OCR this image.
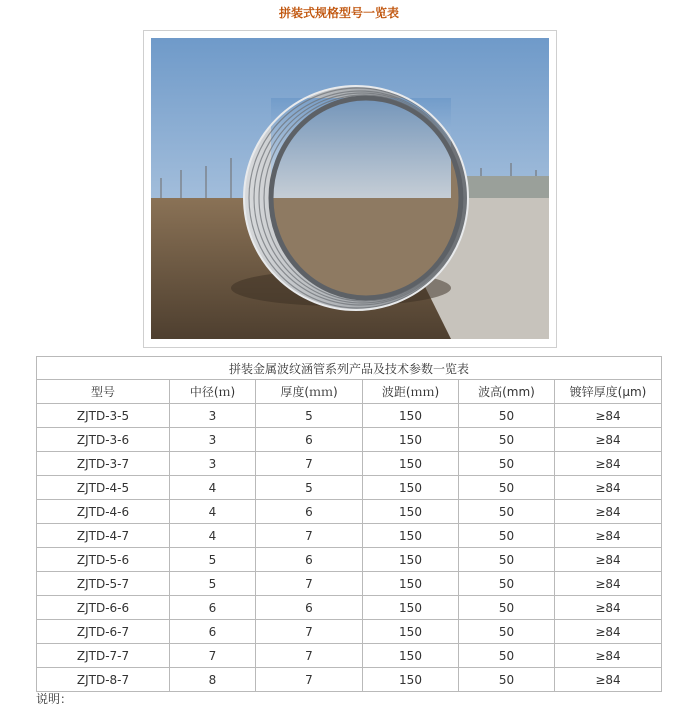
拼装式规格型号一览表
拼装金属波纹涵管系列产品及技术参数一览表					
型号	中径(ｍ)	厚度(ｍｍ)	波距(ｍｍ)	波高(mm)	镀锌厚度(μm)
ZJTD-3-5	3	5	150	50	≥84
ZJTD-3-6	3	6	150	50	≥84
ZJTD-3-7	3	7	150	50	≥84
ZJTD-4-5	4	5	150	50	≥84
ZJTD-4-6	4	6	150	50	≥84
ZJTD-4-7	4	7	150	50	≥84
ZJTD-5-6	5	6	150	50	≥84
ZJTD-5-7	5	7	150	50	≥84
ZJTD-6-6	6	6	150	50	≥84
ZJTD-6-7	6	7	150	50	≥84
ZJTD-7-7	7	7	150	50	≥84
ZJTD-8-7	8	7	150	50	≥84
说明：
